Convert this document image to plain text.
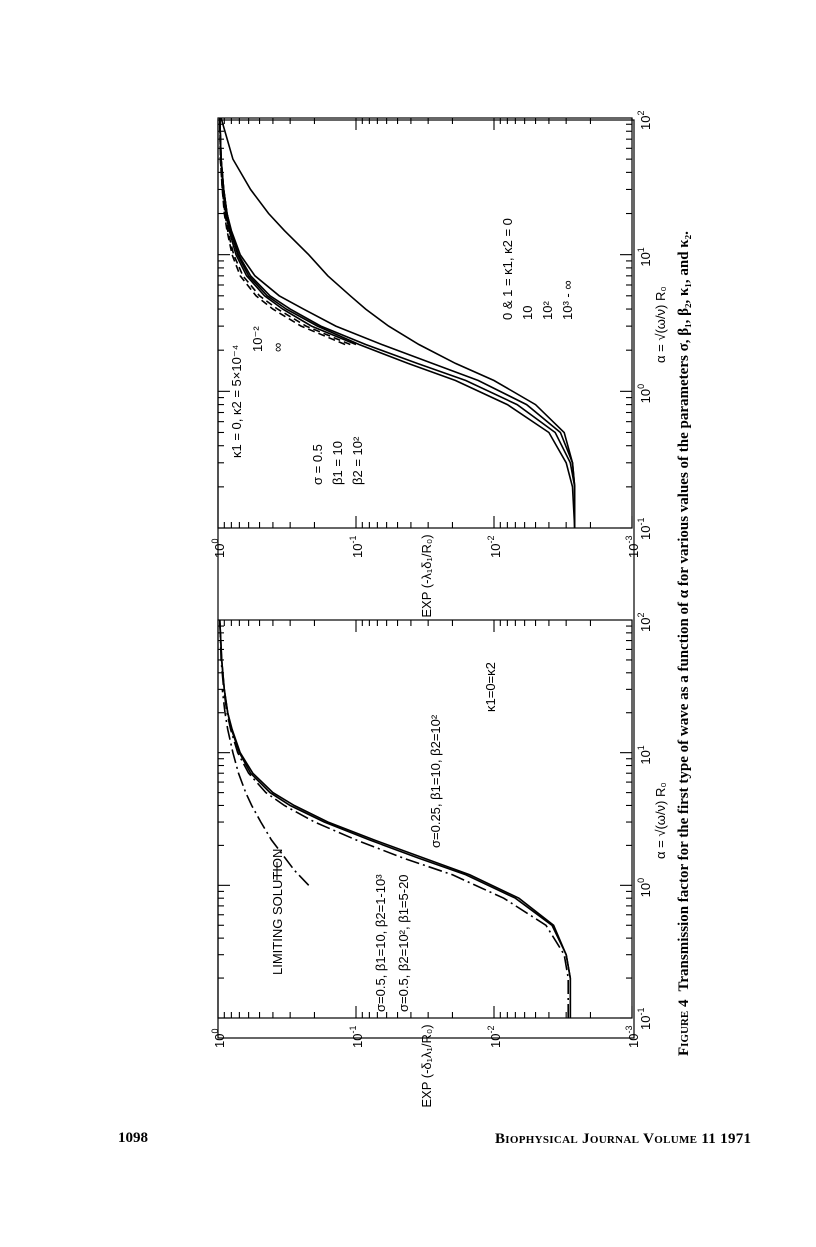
$10^{-1}$
$10^0$
$10^1$
$10^2$
$10^{-3}$
$10^{-2}$
$10^{-1}$
$10^0$
α = √(ω/ν) R₀
EXP (-δ₁λ₁/R₀)
LIMITING SOLUTION	σ=0.5, β1=10, β2=1-10³ σ=0.5, β2=10², β1=5-20
σ=0.25, β1=10, β2=10²
κ1=0=κ2
$10^{-1}$
$10^0$
$10^1$
$10^2$
$10^{-3}$
$10^{-2}$
$10^{-1}$
$10^0$
α = √(ω/ν) R₀
EXP (-λ₁δ₁/R₀)
σ = 0.5 β1 = 10 β2 = 10²
κ1 = 0, κ2 = 5×10⁻⁴
10⁻² ∞
0 & 1 = κ1, κ2 = 0 10 10² 10³ - ∞
Figure 4Transmission factor for the first type of wave as a function of α for various values of the parameters σ, β₁, β₂, κ₁, and κ₂.
1098	Biophysical Journal Volume 11 1971
